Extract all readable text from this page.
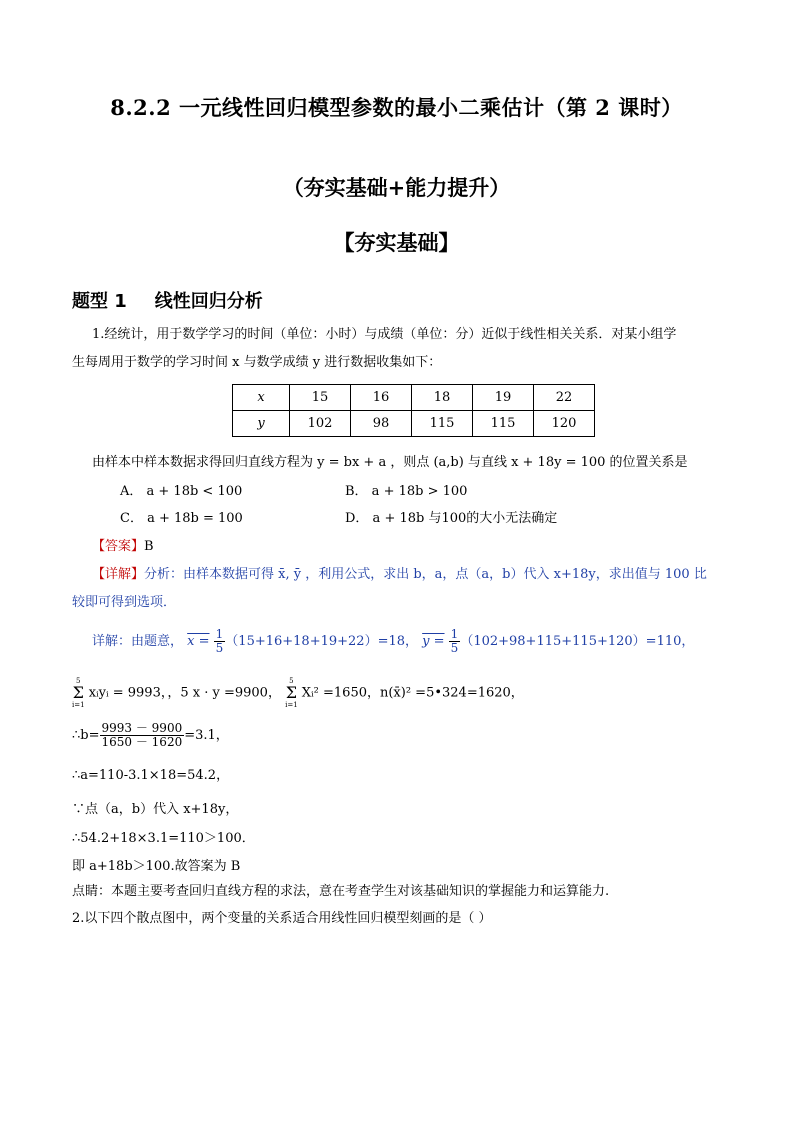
8.2.2 一元线性回归模型参数的最小二乘估计（第 2 课时）
（夯实基础+能力提升）
【夯实基础】
题型 1 线性回归分析
1.经统计，用于数学学习的时间（单位：小时）与成绩（单位：分）近似于线性相关关系．对某小组学
生每周用于数学的学习时间 x 与数学成绩 y 进行数据收集如下：
x	15	16	18	19	22
y	102	98	115	115	120
由样本中样本数据求得回归直线方程为 y = bx + a ，则点 (a,b) 与直线 x + 18y = 100 的位置关系是
A． a + 18b < 100	B． a + 18b > 100
C． a + 18b = 100	D． a + 18b 与100的大小无法确定
【答案】B
【详解】分析：由样本数据可得 x̄, ȳ ，利用公式，求出 b，a，点（a，b）代入 x+18y，求出值与 100 比
较即可得到选项．
详解：由题意， $x = \frac{1}{5} (15+16+18+19+22)=18$， $y = \frac{1}{5} (102+98+115+115+120)=110$，
5
Σ
i=1 xᵢyᵢ = 9993，，5 x · y =9900， 5
Σ
i=1 Xᵢ² =1650，n(x̄)² =5•324=1620，
∴b= $\frac{9993 - 9900}{1650 - 1620} =3.1$，
∴a=110-3.1×18=54.2，
∵点（a，b）代入 x+18y，
∴54.2+18×3.1=110＞100．
即 a+18b＞100.故答案为 B
点睛：本题主要考查回归直线方程的求法，意在考查学生对该基础知识的掌握能力和运算能力.
2.以下四个散点图中，两个变量的关系适合用线性回归模型刻画的是（ ）
